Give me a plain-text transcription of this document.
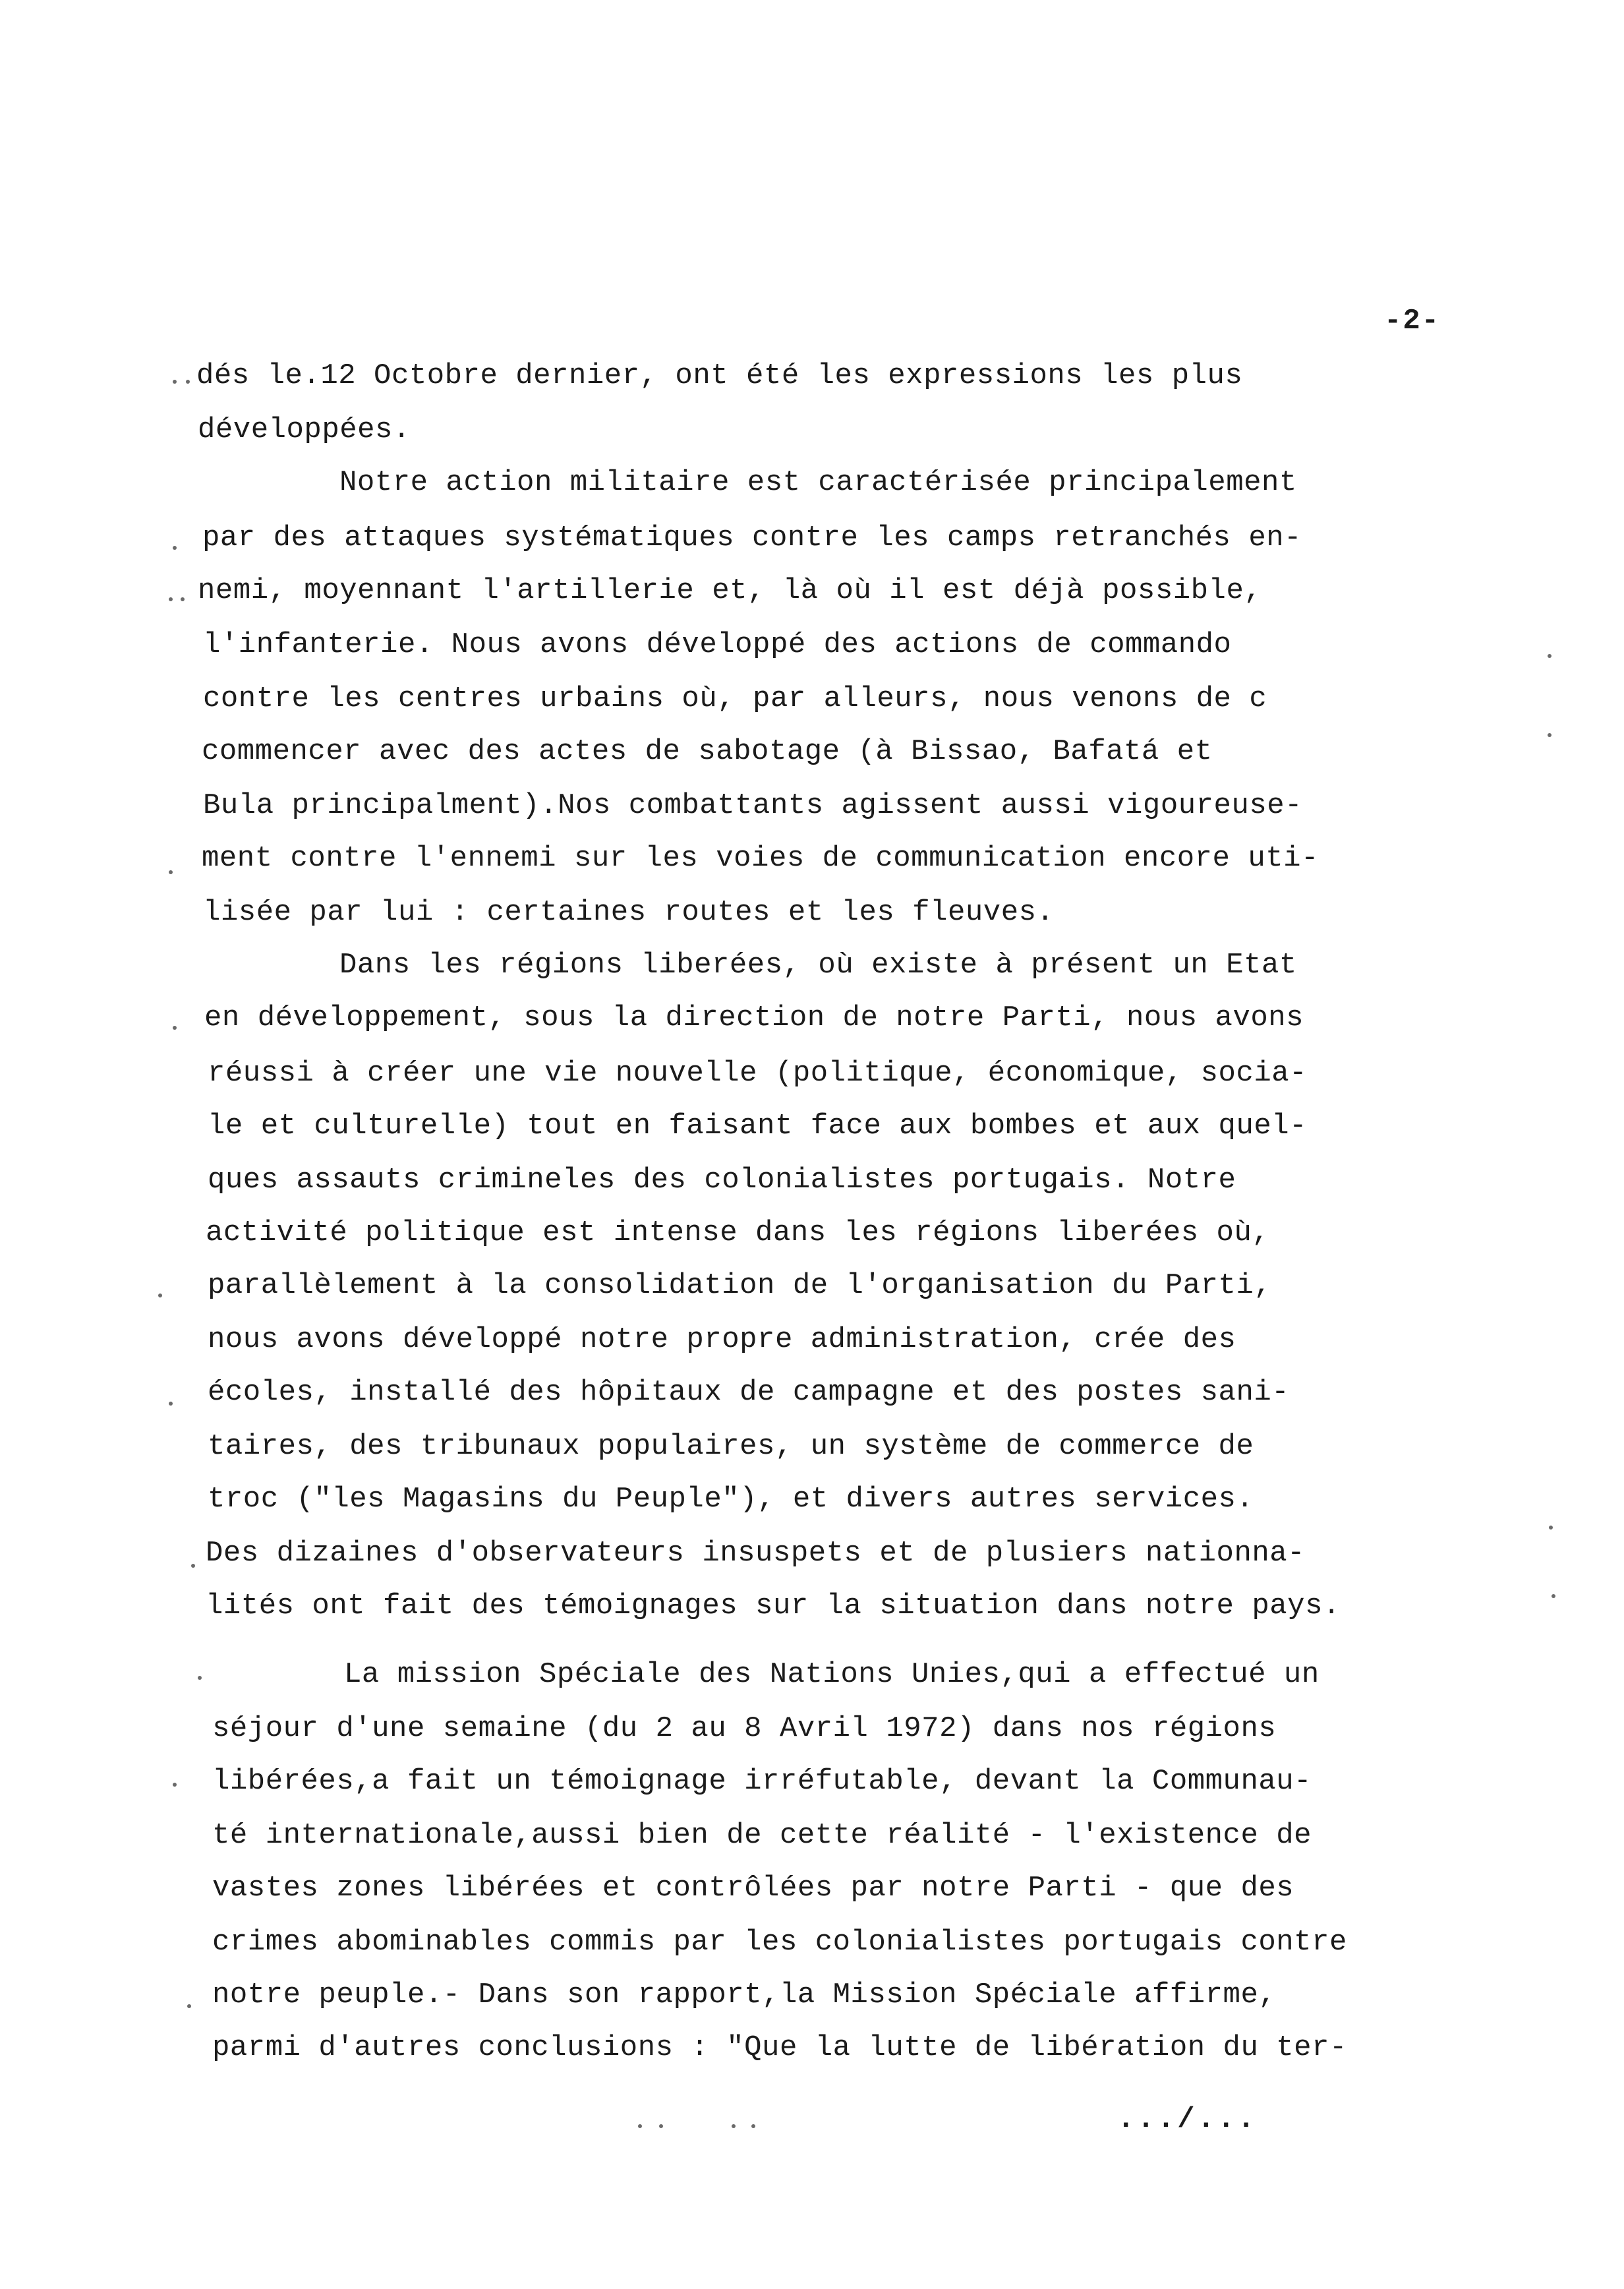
-2-
dés le.12 Octobre dernier, ont été les expressions les plus
développées.
Notre action militaire est caractérisée principalement
par des attaques systématiques contre les camps retranchés en-
nemi, moyennant l'artillerie et, là où il est déjà possible,
l'infanterie. Nous avons développé des actions de commando
contre les centres urbains où, par alleurs, nous venons de c
commencer avec des actes de sabotage (à Bissao, Bafatá et
Bula principalment).Nos combattants agissent aussi vigoureuse-
ment contre l'ennemi sur les voies de communication encore uti-
lisée par lui : certaines routes et les fleuves.
Dans les régions liberées, où existe à présent un Etat
en développement, sous la direction de notre Parti, nous avons
réussi à créer une vie nouvelle (politique, économique, socia-
le et culturelle) tout en faisant face aux bombes et aux quel-
ques assauts crimineles des colonialistes portugais. Notre
activité politique est intense dans les régions liberées où,
parallèlement à la consolidation de l'organisation du Parti,
nous avons développé notre propre administration, crée des
écoles, installé des hôpitaux de campagne et des postes sani-
taires, des tribunaux populaires, un système de commerce de
troc ("les Magasins du Peuple"), et divers autres services.
Des dizaines d'observateurs insuspets et de plusiers nationna-
lités ont fait des témoignages sur la situation dans notre pays.
La mission Spéciale des Nations Unies,qui a effectué un
séjour d'une semaine (du 2 au 8 Avril 1972) dans nos régions
libérées,a fait un témoignage irréfutable, devant la Communau-
té internationale,aussi bien de cette réalité - l'existence de
vastes zones libérées et contrôlées par notre Parti - que des
crimes abominables commis par les colonialistes portugais contre
notre peuple.- Dans son rapport,la Mission Spéciale affirme,
parmi d'autres conclusions : "Que la lutte de libération du ter-
.../...
